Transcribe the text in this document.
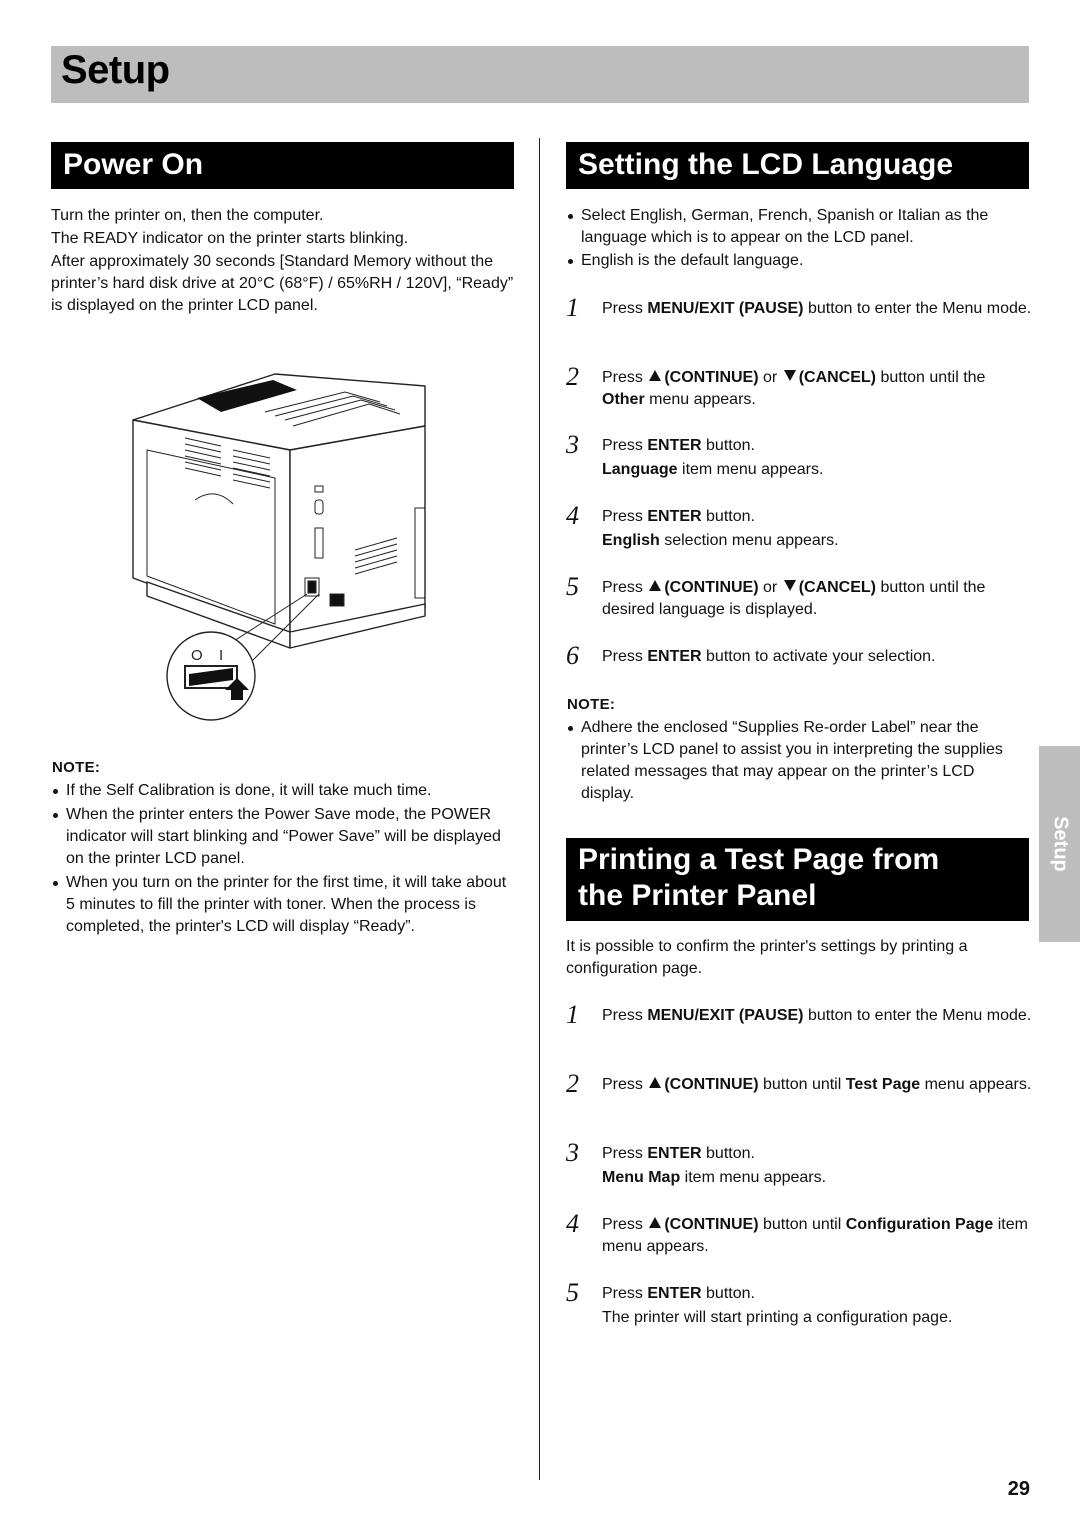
Setup
Power On

Turn the printer on, then the computer.

The READY indicator on the printer starts blinking.

After approximately 30 seconds [Standard Memory without the printer’s hard disk drive at 20°C (68°F) / 65%RH / 120V], “Ready” is displayed on the printer LCD panel.

O I
NOTE:
If the Self Calibration is done, it will take much time.
When the printer enters the Power Save mode, the POWER indicator will start blinking and “Power Save” will be displayed on the printer LCD panel.
When you turn on the printer for the first time, it will take about 5 minutes to fill the printer with toner. When the process is completed, the printer's LCD will display “Ready”.
Setting the LCD Language
Select English, German, French, Spanish or Italian as the language which is to appear on the LCD panel.
English is the default language.
1	Press MENU/EXIT (PAUSE) button to enter the Menu mode.

2	Press (CONTINUE) or (CANCEL) button until the Other menu appears.

3	Press ENTER button.

Language item menu appears.

4	Press ENTER button.

English selection menu appears.

5	Press (CONTINUE) or (CANCEL) button until the desired language is displayed.

6	Press ENTER button to activate your selection.

NOTE:
Adhere the enclosed “Supplies Re-order Label” near the printer’s LCD panel to assist you in interpreting the supplies related messages that may appear on the printer’s LCD display.
Printing a Test Page from
the Printer Panel

It is possible to confirm the printer's settings by printing a configuration page.

1	Press MENU/EXIT (PAUSE) button to enter the Menu mode.

2	Press (CONTINUE) button until Test Page menu appears.

3	Press ENTER button.

Menu Map item menu appears.

4	Press (CONTINUE) button until Configuration Page item menu appears.

5	Press ENTER button.

The printer will start printing a configuration page.

Setup
29
